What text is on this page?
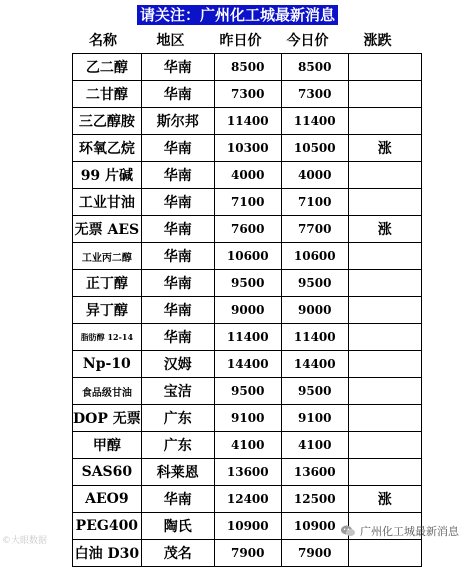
请关注：广州化工城最新消息
名称	地区	昨日价	今日价	涨跌
乙二醇	华南	8500	8500	
二甘醇	华南	7300	7300	
三乙醇胺	斯尔邦	11400	11400	
环氧乙烷	华南	10300	10500	涨
99 片碱	华南	4000	4000	
工业甘油	华南	7100	7100	
无票 AES	华南	7600	7700	涨
工业丙二醇	华南	10600	10600	
正丁醇	华南	9500	9500	
异丁醇	华南	9000	9000	
脂肪醇 12-14	华南	11400	11400	
Np-10	汉姆	14400	14400	
食品级甘油	宝洁	9500	9500	
DOP 无票	广东	9100	9100	
甲醇	广东	4100	4100	
SAS60	科莱恩	13600	13600	
AEO9	华南	12400	12500	涨
PEG400	陶氏	10900	10900	
白油 D30	茂名	7900	7900	
©大眼数据
广州化工城最新消息
